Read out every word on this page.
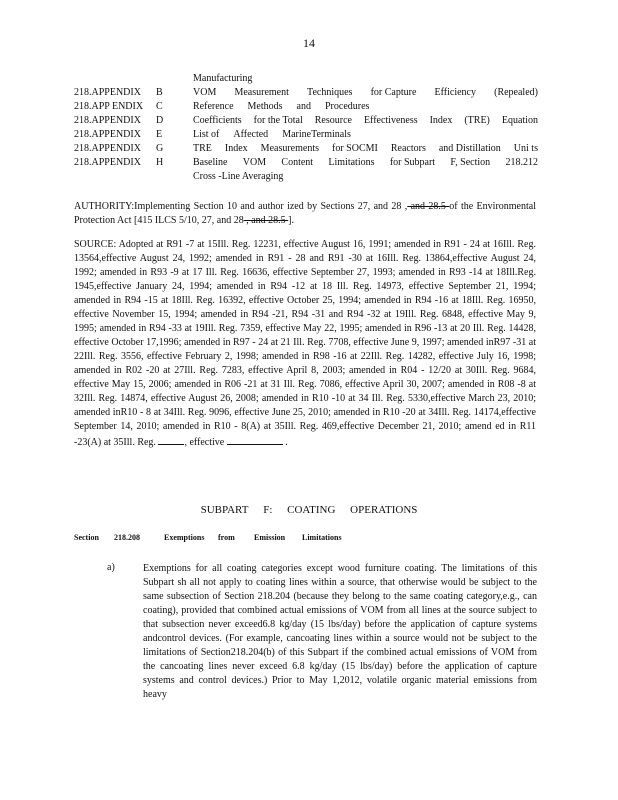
14
Manufacturing
218.APPENDIX	B	VOM Measurement Techniques for Capture Efficiency (Repealed)
218.APP ENDIX	C	Reference Methods and Procedures
218.APPENDIX	D	Coefficients for the Total Resource Effectiveness Index (TRE) Equation
218.APPENDIX	E	List of Affected MarineTerminals
218.APPENDIX	G	TRE Index Measurements for SOCMI Reactors and Distillation Uni ts
218.APPENDIX	H	Baseline VOM Content Limitations for Subpart F, Section 218.212
Cross -Line Averaging
AUTHORITY:Implementing Section 10 and author ized by Sections 27, and 28 , and 28.5 of the Environmental Protection Act [415 ILCS 5/10, 27, and 28 , and 28.5 ].
SOURCE: Adopted at R91 -7 at 15Ill. Reg. 12231, effective August 16, 1991; amended in R91 - 24 at 16Ill. Reg. 13564,effective August 24, 1992; amended in R91 - 28 and R91 -30 at 16Ill. Reg. 13864,effective August 24, 1992; amended in R93 -9 at 17 Ill. Reg. 16636, effective September 27, 1993; amended in R93 -14 at 18Ill.Reg. 1945,effective January 24, 1994; amended in R94 -12 at 18 Ill. Reg. 14973, effective September 21, 1994; amended in R94 -15 at 18Ill. Reg. 16392, effective October 25, 1994; amended in R94 -16 at 18Ill. Reg. 16950, effective November 15, 1994; amended in R94 -21, R94 -31 and R94 -32 at 19Ill. Reg. 6848, effective May 9, 1995; amended in R94 -33 at 19Ill. Reg. 7359, effective May 22, 1995; amended in R96 -13 at 20 Ill. Reg. 14428, effective October 17,1996; amended in R97 - 24 at 21 Ill. Reg. 7708, effective June 9, 1997; amended inR97 -31 at 22Ill. Reg. 3556, effective February 2, 1998; amended in R98 -16 at 22Ill. Reg. 14282, effective July 16, 1998; amended in R02 -20 at 27Ill. Reg. 7283, effective April 8, 2003; amended in R04 - 12/20 at 30Ill. Reg. 9684, effective May 15, 2006; amended in R06 -21 at 31 Ill. Reg. 7086, effective April 30, 2007; amended in R08 -8 at 32Ill. Reg. 14874, effective August 26, 2008; amended in R10 -10 at 34 Ill. Reg. 5330,effective March 23, 2010; amended inR10 - 8 at 34Ill. Reg. 9096, effective June 25, 2010; amended in R10 -20 at 34Ill. Reg. 14174,effective September 14, 2010; amended in R10 - 8(A) at 35Ill. Reg. 469,effective December 21, 2010; amend ed in R11 -23(A) at 35Ill. Reg.	, effective	.
SUBPART F: COATING OPERATIONS
Section 218.208	Exemptions from Emission Limitations
a)	Exemptions for all coating categories except wood furniture coating. The limitations of this Subpart sh all not apply to coating lines within a source, that otherwise would be subject to the same subsection of Section 218.204 (because they belong to the same coating category,e.g., can coating), provided that combined actual emissions of VOM from all lines at the source subject to that subsection never exceed6.8 kg/day (15 lbs/day) before the application of capture systems andcontrol devices. (For example, cancoating lines within a source would not be subject to the limitations of Section218.204(b) of this Subpart if the combined actual emissions of VOM from the cancoating lines never exceed 6.8 kg/day (15 lbs/day) before the application of capture systems and control devices.) Prior to May 1,2012, volatile organic material emissions from heavy
